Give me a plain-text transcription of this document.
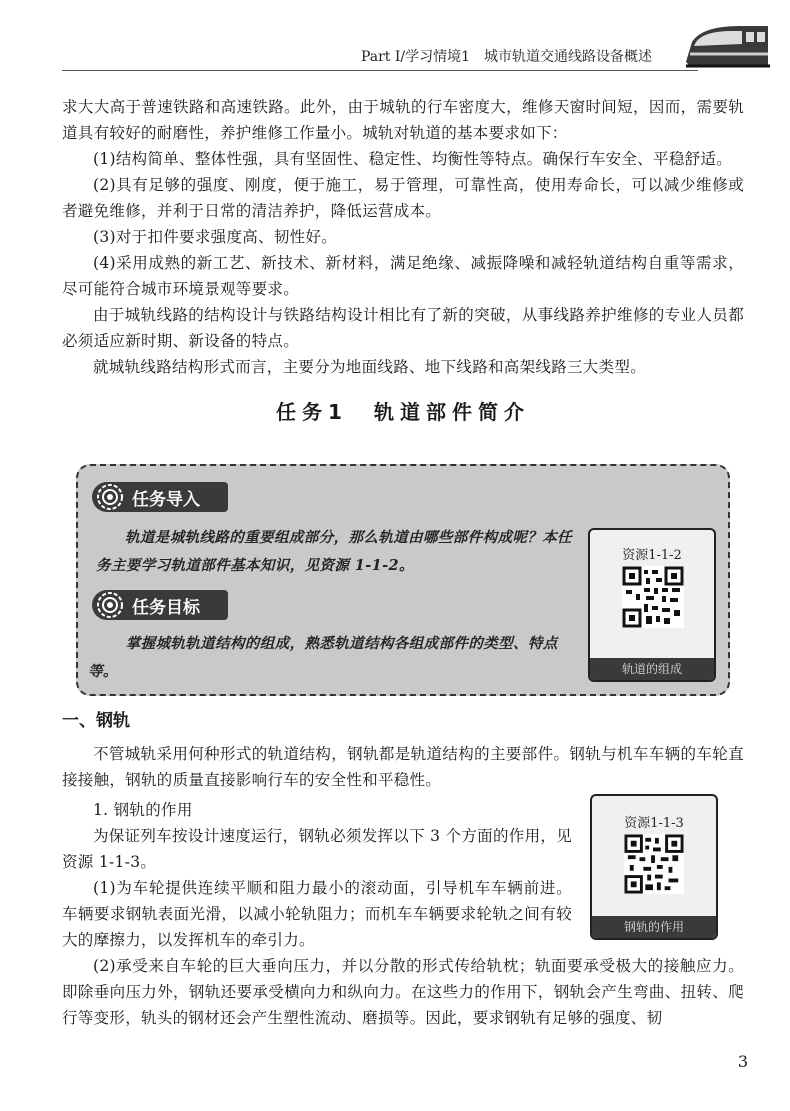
Part Ⅰ/学习情境1　城市轨道交通线路设备概述

求大大高于普速铁路和高速铁路。此外，由于城轨的行车密度大，维修天窗时间短，因而，需要轨道具有较好的耐磨性，养护维修工作量小。城轨对轨道的基本要求如下：

(1)结构简单、整体性强，具有坚固性、稳定性、均衡性等特点。确保行车安全、平稳舒适。

(2)具有足够的强度、刚度，便于施工，易于管理，可靠性高，使用寿命长，可以减少维修或者避免维修，并利于日常的清洁养护，降低运营成本。

(3)对于扣件要求强度高、韧性好。

(4)采用成熟的新工艺、新技术、新材料，满足绝缘、减振降噪和减轻轨道结构自重等需求，尽可能符合城市环境景观等要求。

由于城轨线路的结构设计与铁路结构设计相比有了新的突破，从事线路养护维修的专业人员都必须适应新时期、新设备的特点。

就城轨线路结构形式而言，主要分为地面线路、地下线路和高架线路三大类型。

任务1　轨道部件简介
任务导入
轨道是城轨线路的重要组成部分，那么轨道由哪些部件构成呢？本任务主要学习轨道部件基本知识，见资源 1-1-2。
任务目标
掌握城轨轨道结构的组成，熟悉轨道结构各组成部件的类型、特点等。
资源1-1-2
轨道的组成
一、钢轨

不管城轨采用何种形式的轨道结构，钢轨都是轨道结构的主要部件。钢轨与机车车辆的车轮直接接触，钢轨的质量直接影响行车的安全性和平稳性。

1. 钢轨的作用

为保证列车按设计速度运行，钢轨必须发挥以下 3 个方面的作用，见资源 1-1-3。

(1)为车轮提供连续平顺和阻力最小的滚动面，引导机车车辆前进。车辆要求钢轨表面光滑，以减小轮轨阻力；而机车车辆要求轮轨之间有较大的摩擦力，以发挥机车的牵引力。

(2)承受来自车轮的巨大垂向压力，并以分散的形式传给轨枕；轨面要承受极大的接触应力。即除垂向压力外，钢轨还要承受横向力和纵向力。在这些力的作用下，钢轨会产生弯曲、扭转、爬行等变形，轨头的钢材还会产生塑性流动、磨损等。因此，要求钢轨有足够的强度、韧

资源1-1-3
钢轨的作用
3
